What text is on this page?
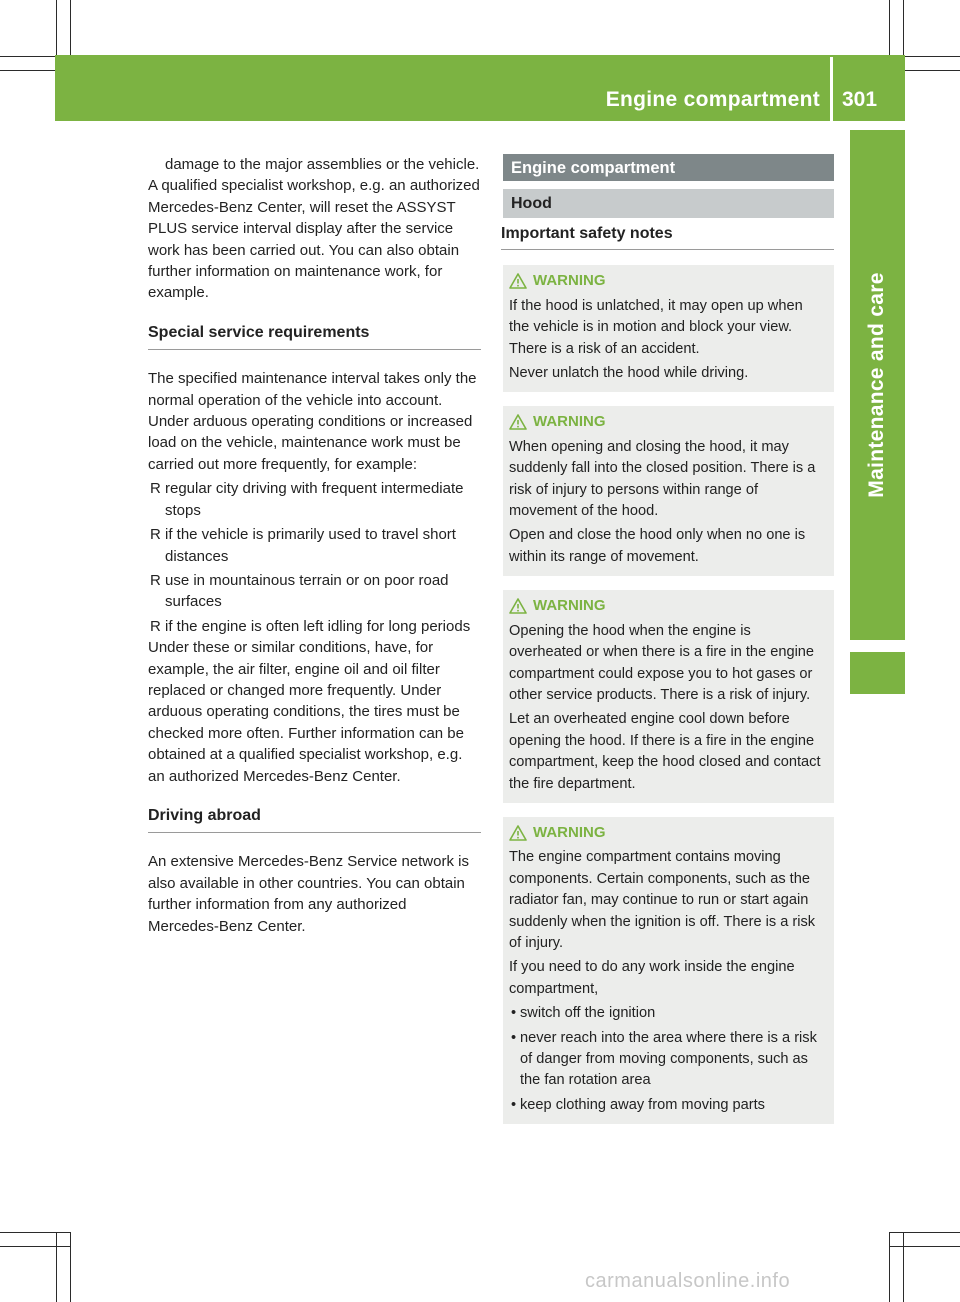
Engine compartment 301
Maintenance and care

damage to the major assemblies or the vehicle.

A qualified specialist workshop, e.g. an authorized Mercedes-Benz Center, will reset the ASSYST PLUS service interval display after the service work has been carried out. You can also obtain further information on maintenance work, for example.

Special service requirements

The specified maintenance interval takes only the normal operation of the vehicle into account. Under arduous operating conditions or increased load on the vehicle, maintenance work must be carried out more frequently, for example:

R regular city driving with frequent intermediate stops
R if the vehicle is primarily used to travel short distances
R use in mountainous terrain or on poor road surfaces
R if the engine is often left idling for long periods

Under these or similar conditions, have, for example, the air filter, engine oil and oil filter replaced or changed more frequently. Under arduous operating conditions, the tires must be checked more often. Further information can be obtained at a qualified specialist workshop, e.g. an authorized Mercedes-Benz Center.

Driving abroad

An extensive Mercedes-Benz Service network is also available in other countries. You can obtain further information from any authorized Mercedes-Benz Center.

Engine compartment
Hood
Important safety notes
WARNING

If the hood is unlatched, it may open up when the vehicle is in motion and block your view. There is a risk of an accident.

Never unlatch the hood while driving.

WARNING

When opening and closing the hood, it may suddenly fall into the closed position. There is a risk of injury to persons within range of movement of the hood.

Open and close the hood only when no one is within its range of movement.

WARNING

Opening the hood when the engine is overheated or when there is a fire in the engine compartment could expose you to hot gases or other service products. There is a risk of injury.

Let an overheated engine cool down before opening the hood. If there is a fire in the engine compartment, keep the hood closed and contact the fire department.

WARNING

The engine compartment contains moving components. Certain components, such as the radiator fan, may continue to run or start again suddenly when the ignition is off. There is a risk of injury.

If you need to do any work inside the engine compartment,

• switch off the ignition
• never reach into the area where there is a risk of danger from moving components, such as the fan rotation area
• keep clothing away from moving parts
carmanualsonline.info
